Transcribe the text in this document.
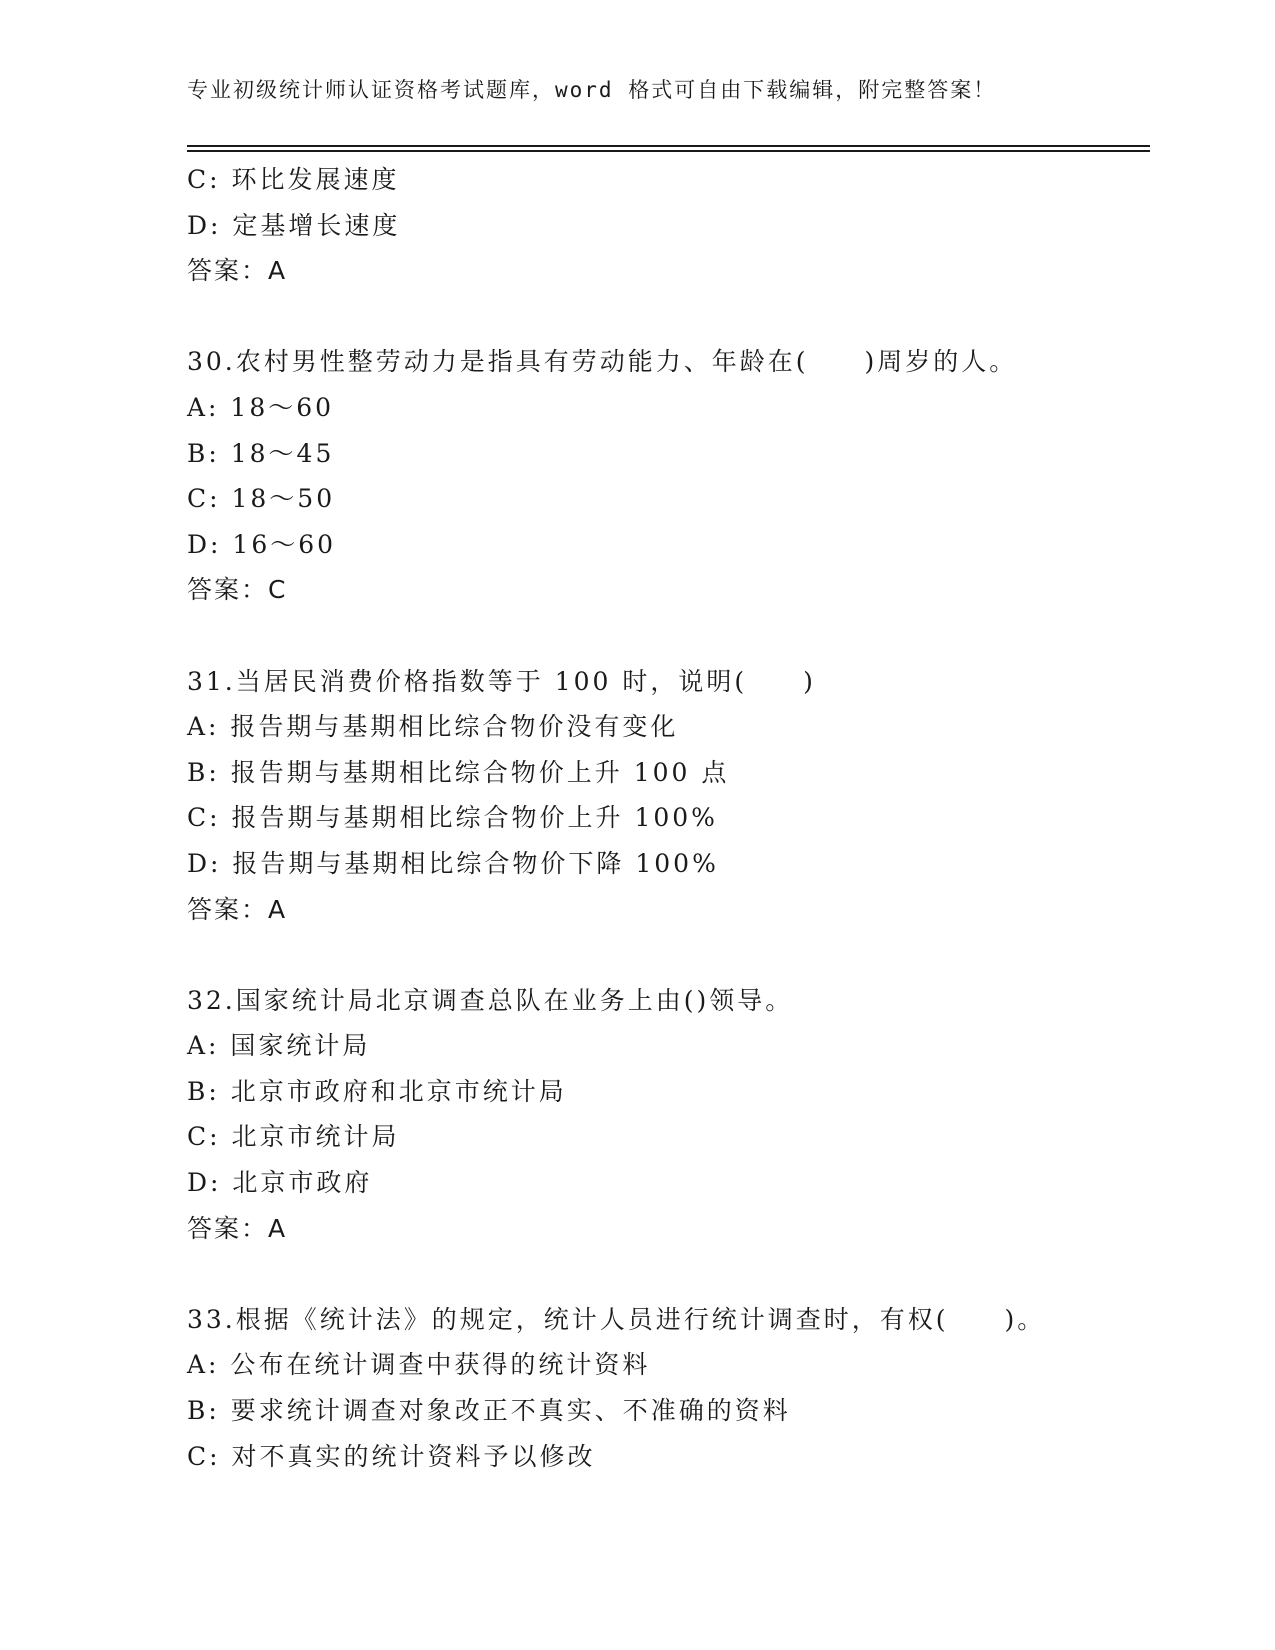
专业初级统计师认证资格考试题库，word 格式可自由下载编辑，附完整答案！
C: 环比发展速度
D: 定基增长速度
答案：A
30.农村男性整劳动力是指具有劳动能力、年龄在(　　)周岁的人。
A: 18～60
B: 18～45
C: 18～50
D: 16～60
答案：C
31.当居民消费价格指数等于 100 时，说明(　　)
A: 报告期与基期相比综合物价没有变化
B: 报告期与基期相比综合物价上升 100 点
C: 报告期与基期相比综合物价上升 100%
D: 报告期与基期相比综合物价下降 100%
答案：A
32.国家统计局北京调查总队在业务上由()领导。
A: 国家统计局
B: 北京市政府和北京市统计局
C: 北京市统计局
D: 北京市政府
答案：A
33.根据《统计法》的规定，统计人员进行统计调查时，有权(　　)。
A: 公布在统计调查中获得的统计资料
B: 要求统计调查对象改正不真实、不准确的资料
C: 对不真实的统计资料予以修改
